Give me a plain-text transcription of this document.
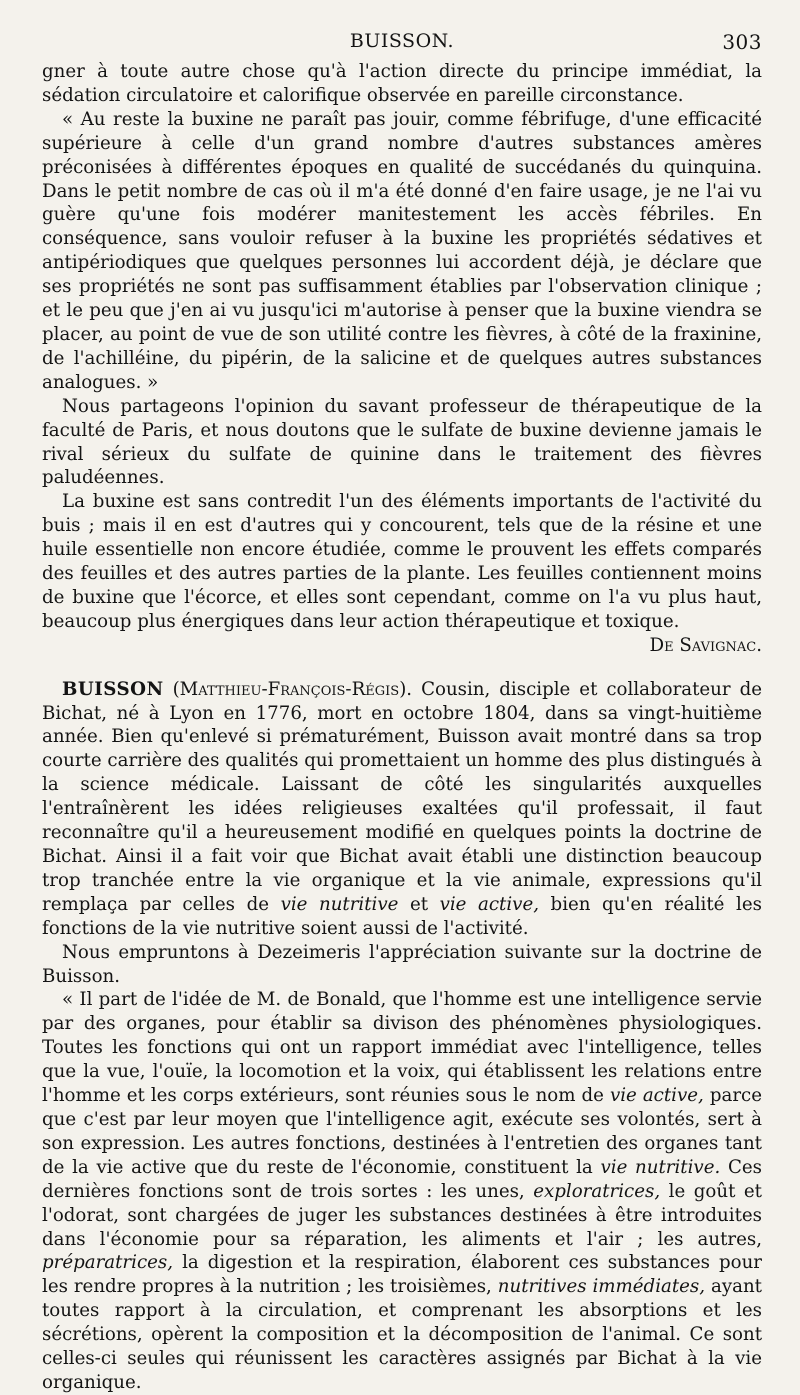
BUISSON.	303

gner à toute autre chose qu'à l'action directe du principe immédiat, la sédation circulatoire et calorifique observée en pareille circonstance.

« Au reste la buxine ne paraît pas jouir, comme fébrifuge, d'une efficacité supérieure à celle d'un grand nombre d'autres substances amères préconisées à différentes époques en qualité de succédanés du quinquina. Dans le petit nombre de cas où il m'a été donné d'en faire usage, je ne l'ai vu guère qu'une fois modérer manitestement les accès fébriles. En conséquence, sans vouloir refuser à la buxine les propriétés sédatives et antipériodiques que quelques personnes lui accordent déjà, je déclare que ses propriétés ne sont pas suffisamment établies par l'observation clinique ; et le peu que j'en ai vu jusqu'ici m'autorise à penser que la buxine viendra se placer, au point de vue de son utilité contre les fièvres, à côté de la fraxinine, de l'achilléine, du pipérin, de la salicine et de quelques autres substances analogues. »

Nous partageons l'opinion du savant professeur de thérapeutique de la faculté de Paris, et nous doutons que le sulfate de buxine devienne jamais le rival sérieux du sulfate de quinine dans le traitement des fièvres paludéennes.

La buxine est sans contredit l'un des éléments importants de l'activité du buis ; mais il en est d'autres qui y concourent, tels que de la résine et une huile essentielle non encore étudiée, comme le prouvent les effets comparés des feuilles et des autres parties de la plante. Les feuilles contiennent moins de buxine que l'écorce, et elles sont cependant, comme on l'a vu plus haut, beaucoup plus énergiques dans leur action thérapeutique et toxique.
De Savignac.

BUISSON (Matthieu-François-Régis). Cousin, disciple et collaborateur de Bichat, né à Lyon en 1776, mort en octobre 1804, dans sa vingt-huitième année. Bien qu'enlevé si prématurément, Buisson avait montré dans sa trop courte carrière des qualités qui promettaient un homme des plus distingués à la science médicale. Laissant de côté les singularités auxquelles l'entraînèrent les idées religieuses exaltées qu'il professait, il faut reconnaître qu'il a heureusement modifié en quelques points la doctrine de Bichat. Ainsi il a fait voir que Bichat avait établi une distinction beaucoup trop tranchée entre la vie organique et la vie animale, expressions qu'il remplaça par celles de vie nutritive et vie active, bien qu'en réalité les fonctions de la vie nutritive soient aussi de l'activité.

Nous empruntons à Dezeimeris l'appréciation suivante sur la doctrine de Buisson.

« Il part de l'idée de M. de Bonald, que l'homme est une intelligence servie par des organes, pour établir sa divison des phénomènes physiologiques. Toutes les fonctions qui ont un rapport immédiat avec l'intelligence, telles que la vue, l'ouïe, la locomotion et la voix, qui établissent les relations entre l'homme et les corps extérieurs, sont réunies sous le nom de vie active, parce que c'est par leur moyen que l'intelligence agit, exécute ses volontés, sert à son expression. Les autres fonctions, destinées à l'entretien des organes tant de la vie active que du reste de l'économie, constituent la vie nutritive. Ces dernières fonctions sont de trois sortes : les unes, exploratrices, le goût et l'odorat, sont chargées de juger les substances destinées à être introduites dans l'économie pour sa réparation, les aliments et l'air ; les autres, préparatrices, la digestion et la respiration, élaborent ces substances pour les rendre propres à la nutrition ; les troisièmes, nutritives immédiates, ayant toutes rapport à la circulation, et comprenant les absorptions et les sécrétions, opèrent la composition et la décomposition de l'animal. Ce sont celles-ci seules qui réunissent les caractères assignés par Bichat à la vie organique.
